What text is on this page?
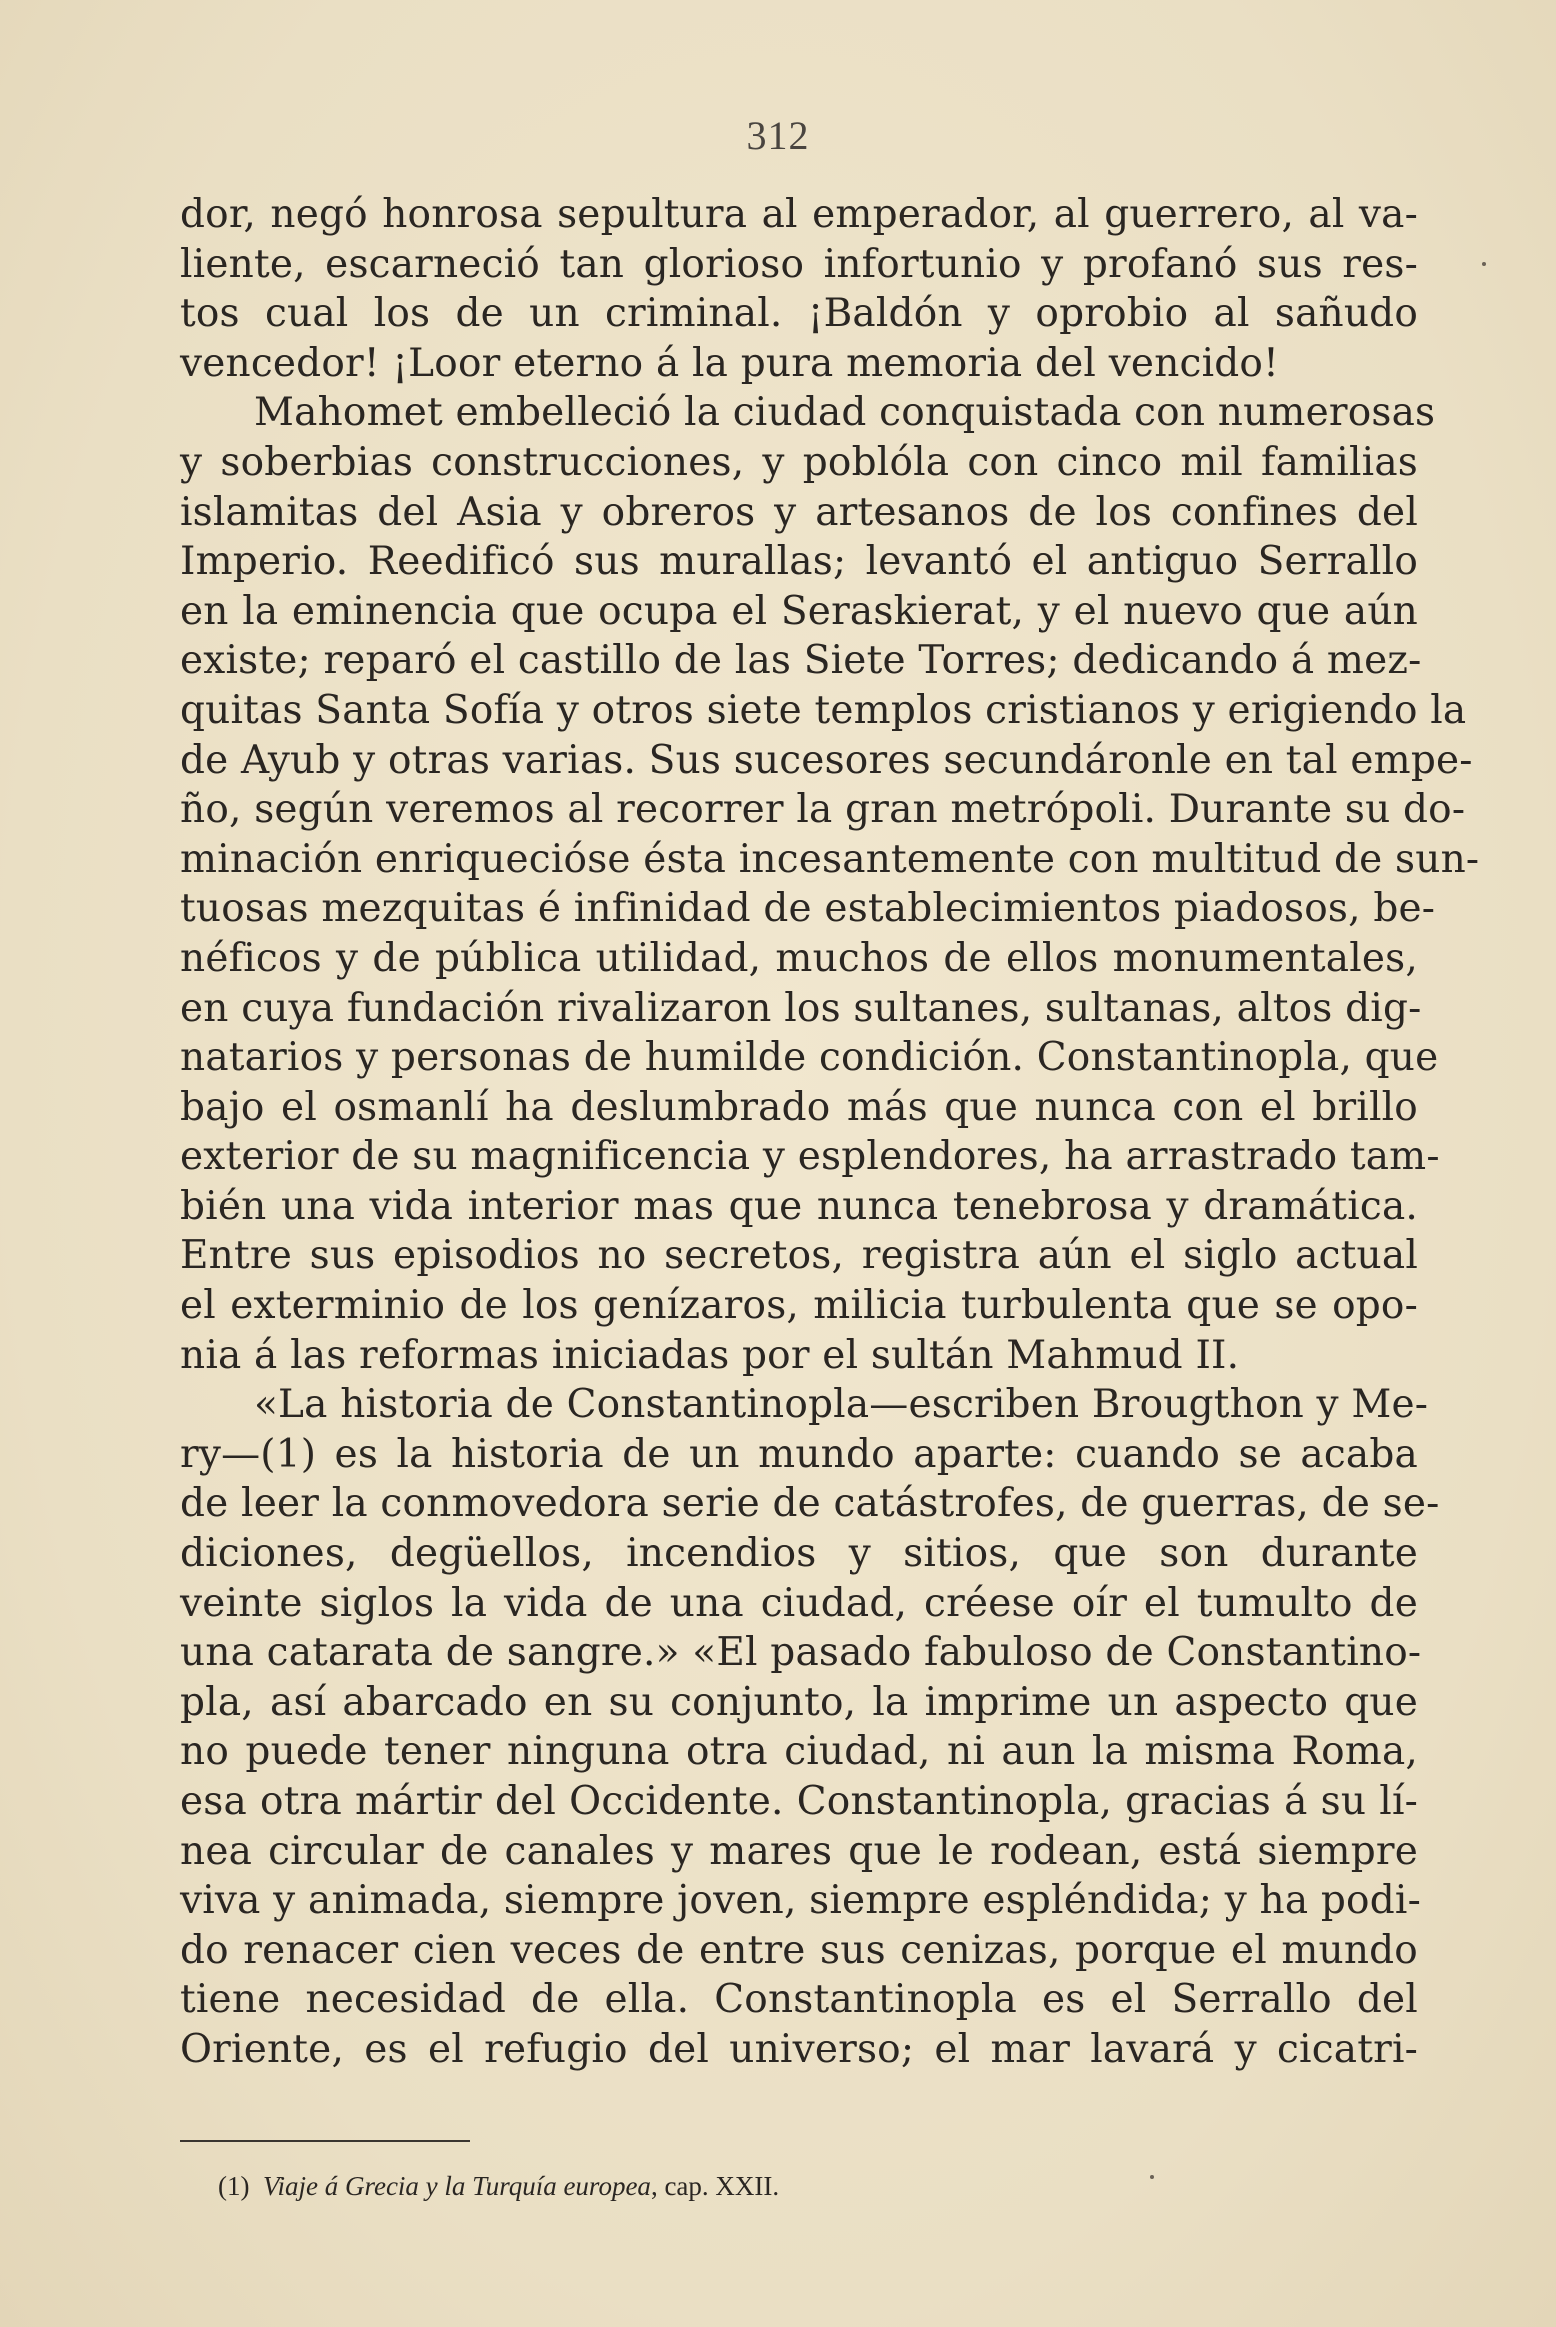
312
dor, negó honrosa sepultura al emperador, al guerrero, al va-
liente, escarneció tan glorioso infortunio y profanó sus res-
tos cual los de un criminal. ¡Baldón y oprobio al sañudo
vencedor! ¡Loor eterno á la pura memoria del vencido!
Mahomet embelleció la ciudad conquistada con numerosas
y soberbias construcciones, y poblóla con cinco mil familias
islamitas del Asia y obreros y artesanos de los confines del
Imperio. Reedificó sus murallas; levantó el antiguo Serrallo
en la eminencia que ocupa el Seraskierat, y el nuevo que aún
existe; reparó el castillo de las Siete Torres; dedicando á mez-
quitas Santa Sofía y otros siete templos cristianos y erigiendo la
de Ayub y otras varias. Sus sucesores secundáronle en tal empe-
ño, según veremos al recorrer la gran metrópoli. Durante su do-
minación enriquecióse ésta incesantemente con multitud de sun-
tuosas mezquitas é infinidad de establecimientos piadosos, be-
néficos y de pública utilidad, muchos de ellos monumentales,
en cuya fundación rivalizaron los sultanes, sultanas, altos dig-
natarios y personas de humilde condición. Constantinopla, que
bajo el osmanlí ha deslumbrado más que nunca con el brillo
exterior de su magnificencia y esplendores, ha arrastrado tam-
bién una vida interior mas que nunca tenebrosa y dramática.
Entre sus episodios no secretos, registra aún el siglo actual
el exterminio de los genízaros, milicia turbulenta que se opo-
nia á las reformas iniciadas por el sultán Mahmud II.
«La historia de Constantinopla—escriben Brougthon y Me-
ry—(1) es la historia de un mundo aparte: cuando se acaba
de leer la conmovedora serie de catástrofes, de guerras, de se-
diciones, degüellos, incendios y sitios, que son durante
veinte siglos la vida de una ciudad, créese oír el tumulto de
una catarata de sangre.» «El pasado fabuloso de Constantino-
pla, así abarcado en su conjunto, la imprime un aspecto que
no puede tener ninguna otra ciudad, ni aun la misma Roma,
esa otra mártir del Occidente. Constantinopla, gracias á su lí-
nea circular de canales y mares que le rodean, está siempre
viva y animada, siempre joven, siempre espléndida; y ha podi-
do renacer cien veces de entre sus cenizas, porque el mundo
tiene necesidad de ella. Constantinopla es el Serrallo del
Oriente, es el refugio del universo; el mar lavará y cicatri-
(1) Viaje á Grecia y la Turquía europea, cap. XXII.
